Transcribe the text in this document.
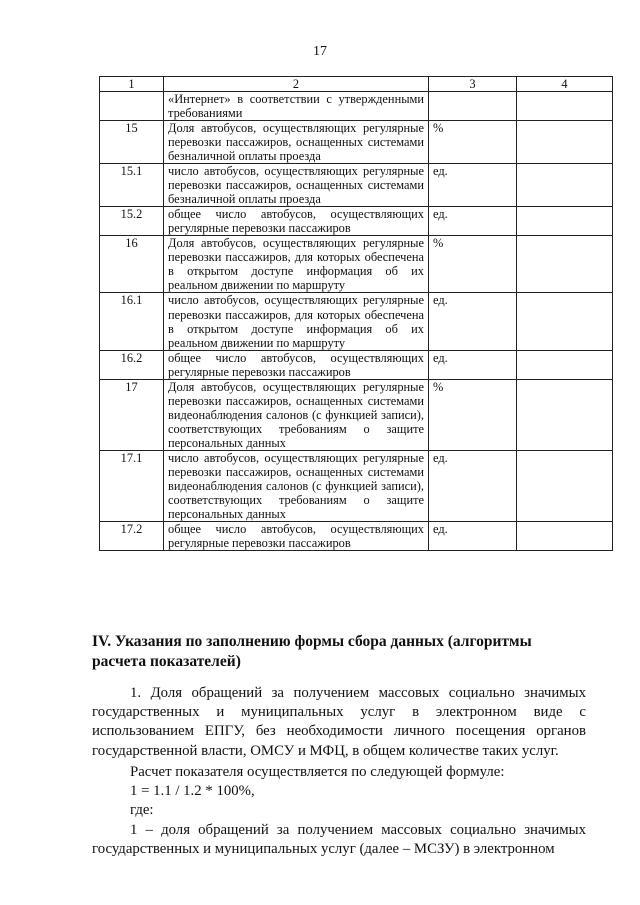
17
1	2	3	4
	«Интернет» в соответствии с утвержденными требованиями		
15	Доля автобусов, осуществляющих регулярные перевозки пассажиров, оснащенных системами безналичной оплаты проезда	%	
15.1	число автобусов, осуществляющих регулярные перевозки пассажиров, оснащенных системами безналичной оплаты проезда	ед.	
15.2	общее число автобусов, осуществляющих регулярные перевозки пассажиров	ед.	
16	Доля автобусов, осуществляющих регулярные перевозки пассажиров, для которых обеспечена в открытом доступе информация об их реальном движении по маршруту	%	
16.1	число автобусов, осуществляющих регулярные перевозки пассажиров, для которых обеспечена в открытом доступе информация об их реальном движении по маршруту	ед.	
16.2	общее число автобусов, осуществляющих регулярные перевозки пассажиров	ед.	
17	Доля автобусов, осуществляющих регулярные перевозки пассажиров, оснащенных системами видеонаблюдения салонов (с функцией записи), соответствующих требованиям о защите персональных данных	%	
17.1	число автобусов, осуществляющих регулярные перевозки пассажиров, оснащенных системами видеонаблюдения салонов (с функцией записи), соответствующих требованиям о защите персональных данных	ед.	
17.2	общее число автобусов, осуществляющих регулярные перевозки пассажиров	ед.	
IV. Указания по заполнению формы сбора данных (алгоритмы расчета показателей)

1. Доля обращений за получением массовых социально значимых государственных и муниципальных услуг в электронном виде с использованием ЕПГУ, без необходимости личного посещения органов государственной власти, ОМСУ и МФЦ, в общем количестве таких услуг.

Расчет показателя осуществляется по следующей формуле:

1 = 1.1 / 1.2 * 100%,

где:

1 – доля обращений за получением массовых социально значимых государственных и муниципальных услуг (далее – МСЗУ) в электронном
